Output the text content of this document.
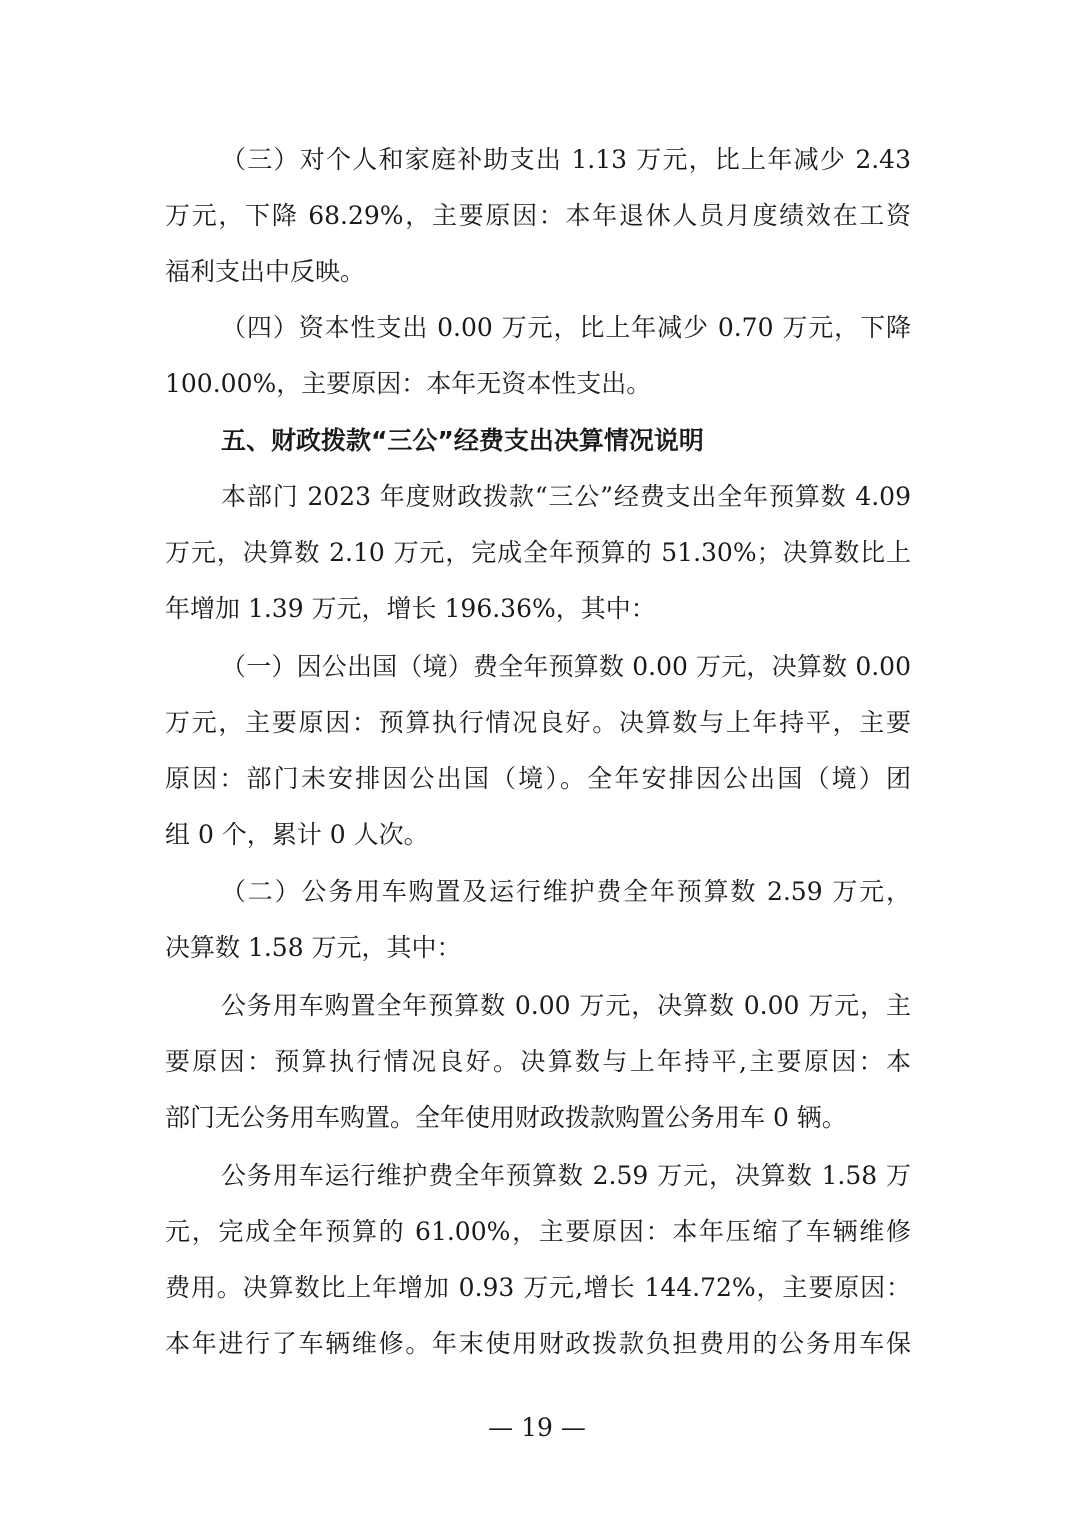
（三）对个人和家庭补助支出 1.13 万元，比上年减少 2.43
万元，下降 68.29%，主要原因：本年退休人员月度绩效在工资
福利支出中反映。
（四）资本性支出 0.00 万元，比上年减少 0.70 万元，下降
100.00%，主要原因：本年无资本性支出。
五、财政拨款“三公”经费支出决算情况说明
本部门 2023 年度财政拨款“三公”经费支出全年预算数 4.09
万元，决算数 2.10 万元，完成全年预算的 51.30%；决算数比上
年增加 1.39 万元，增长 196.36%，其中：
（一）因公出国（境）费全年预算数 0.00 万元，决算数 0.00
万元，主要原因：预算执行情况良好。决算数与上年持平，主要
原因：部门未安排因公出国（境）。全年安排因公出国（境）团
组 0 个，累计 0 人次。
（二）公务用车购置及运行维护费全年预算数 2.59 万元，
决算数 1.58 万元，其中：
公务用车购置全年预算数 0.00 万元，决算数 0.00 万元，主
要原因：预算执行情况良好。决算数与上年持平,主要原因：本
部门无公务用车购置。全年使用财政拨款购置公务用车 0 辆。
公务用车运行维护费全年预算数 2.59 万元，决算数 1.58 万
元，完成全年预算的 61.00%，主要原因：本年压缩了车辆维修
费用。决算数比上年增加 0.93 万元,增长 144.72%，主要原因：
本年进行了车辆维修。年末使用财政拨款负担费用的公务用车保
— 19 —
